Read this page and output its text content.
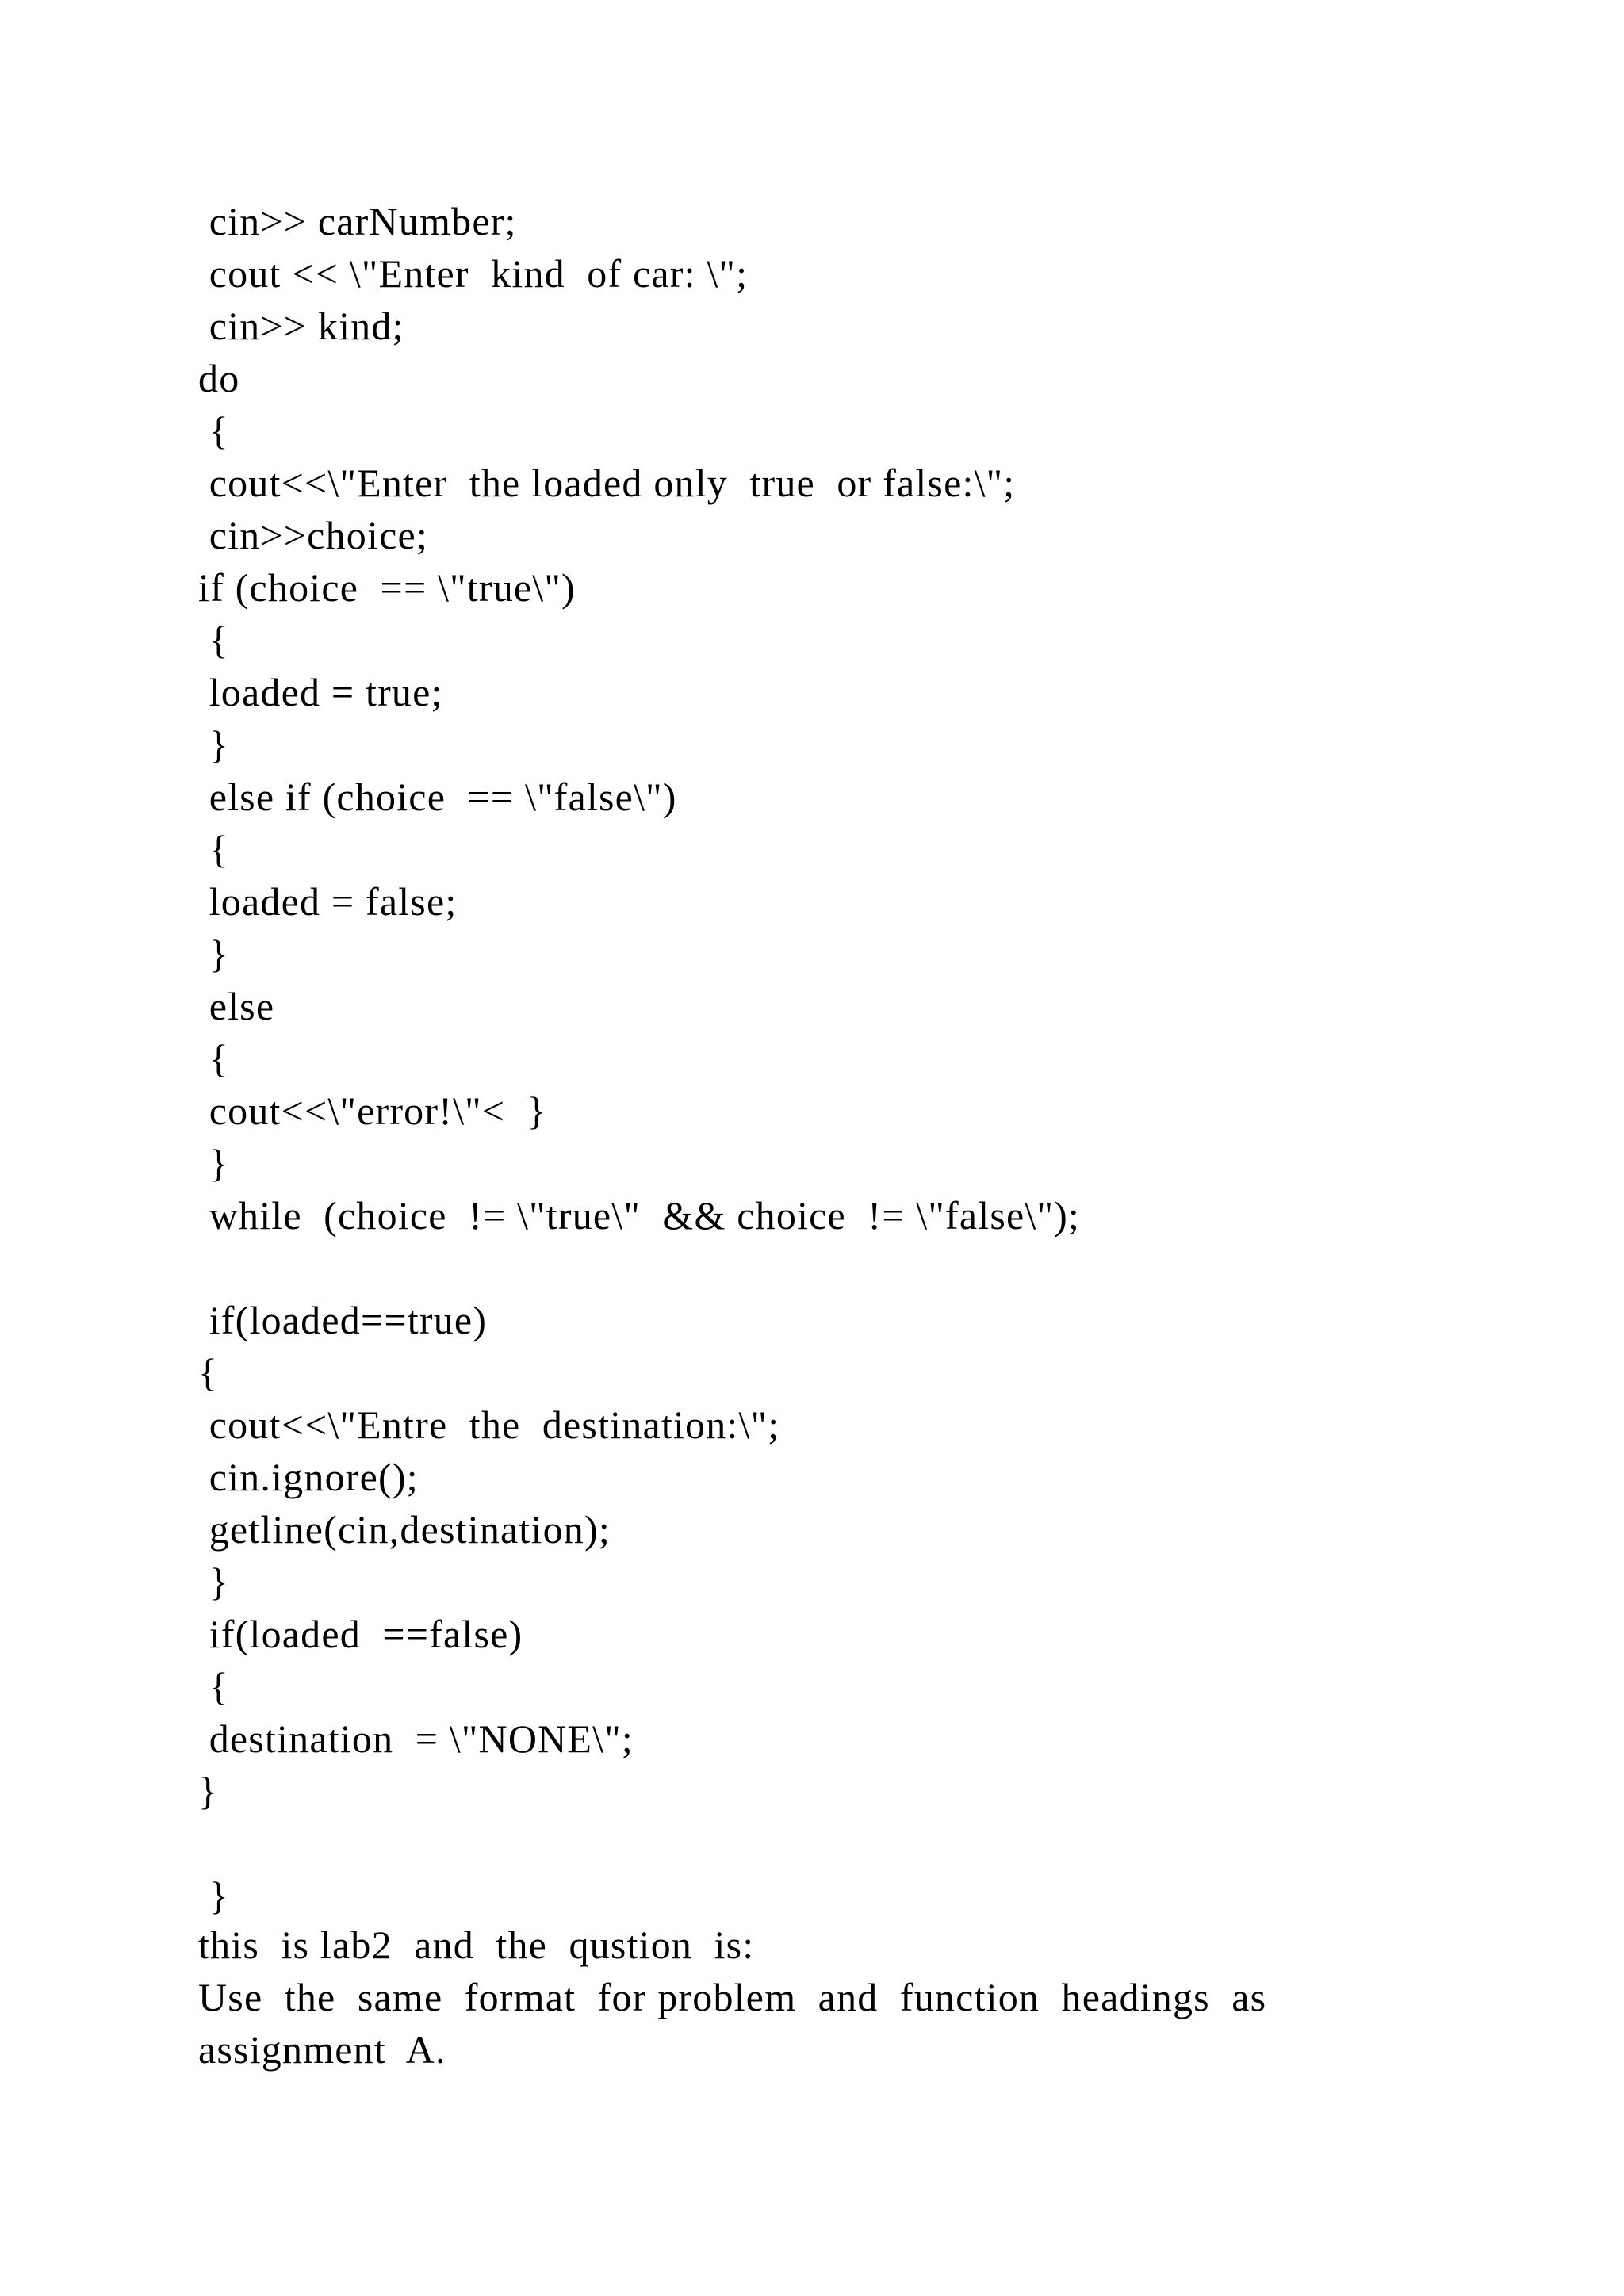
cin>> carNumber;
cout << \"Enter  kind  of car: \";
cin>> kind;
do
{
cout<<\"Enter  the loaded only  true  or false:\";
cin>>choice;
if (choice  == \"true\")
{
loaded = true;
}
else if (choice  == \"false\")
{
loaded = false;
}
else
{
cout<<\"error!\"<  }
}
while  (choice  != \"true\"  && choice  != \"false\");
if(loaded==true)
{
cout<<\"Entre  the  destination:\";
cin.ignore();
getline(cin,destination);
}
if(loaded  ==false)
{
destination  = \"NONE\";
}
}
this  is lab2  and  the  qustion  is:
Use  the  same  format  for problem  and  function  headings  as
assignment  A.
